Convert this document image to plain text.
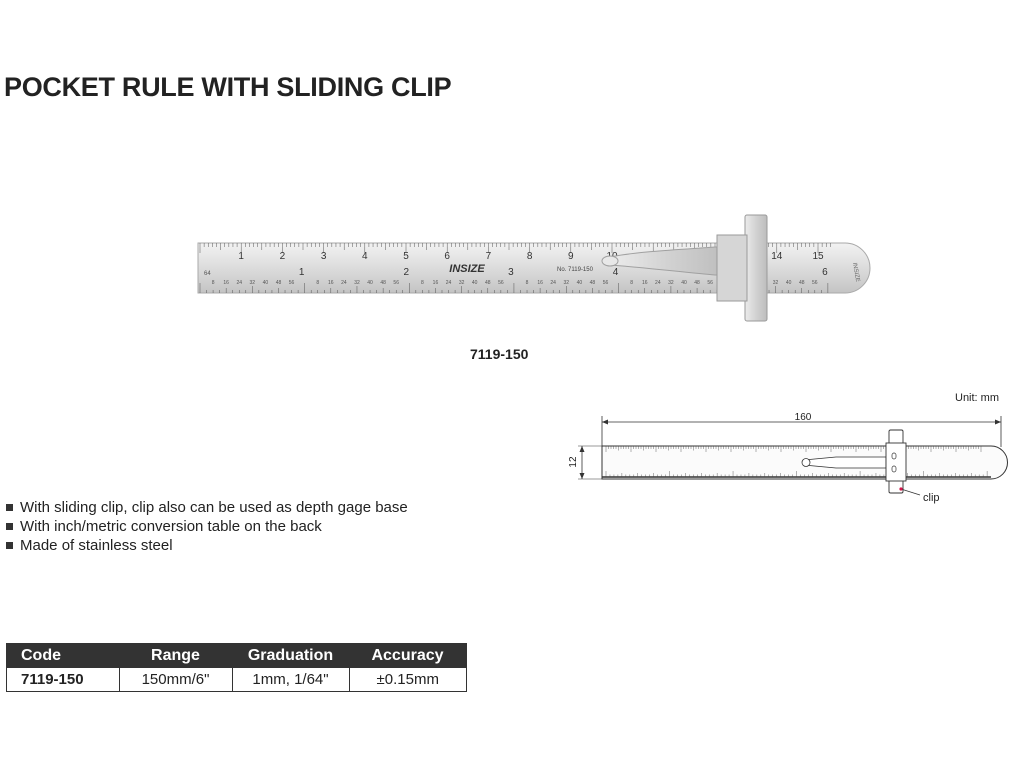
POCKET RULE WITH SLIDING CLIP
1	2	3	4	5	6	7	8	9	14	15
1	2	3	4	6
8 16 24 32 40 48 56	8 16 24 32 40 48 56	8 16 24 32 40 48 56	8 16 24 32 40 48 56	8 16 24 32 40 48 56	32 40 48 56
INSIZE	No. 7119-150
64	INSIZE
7119-150
Unit: mm
160
12
clip
With sliding clip, clip also can be used as depth gage base
With inch/metric conversion table on the back
Made of stainless steel
Code	Range	Graduation	Accuracy
7119-150	150mm/6"	1mm, 1/64"	±0.15mm
